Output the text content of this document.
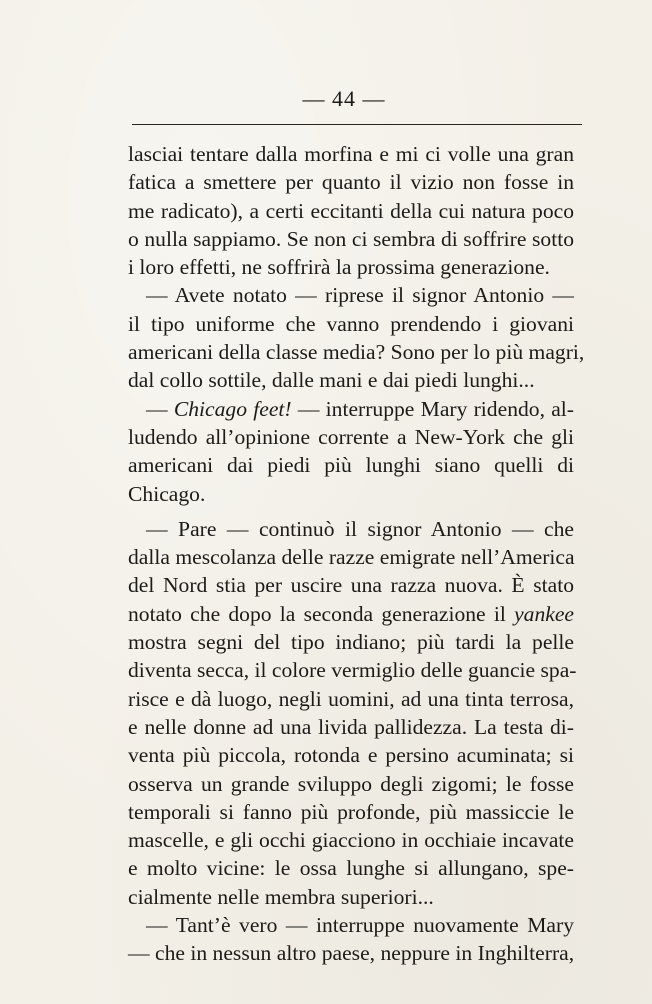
— 44 —
lasciai tentare dalla morfina e mi ci volle una gran
fatica a smettere per quanto il vizio non fosse in
me radicato), a certi eccitanti della cui natura poco
o nulla sappiamo. Se non ci sembra di soffrire sotto
i loro effetti, ne soffrirà la prossima generazione.
— Avete notato — riprese il signor Antonio —
il tipo uniforme che vanno prendendo i giovani
americani della classe media? Sono per lo più magri,
dal collo sottile, dalle mani e dai piedi lunghi...
— Chicago feet! — interruppe Mary ridendo, al-
ludendo all’opinione corrente a New-York che gli
americani dai piedi più lunghi siano quelli di
Chicago.
— Pare — continuò il signor Antonio — che
dalla mescolanza delle razze emigrate nell’America
del Nord stia per uscire una razza nuova. È stato
notato che dopo la seconda generazione il yankee
mostra segni del tipo indiano; più tardi la pelle
diventa secca, il colore vermiglio delle guancie spa-
risce e dà luogo, negli uomini, ad una tinta terrosa,
e nelle donne ad una livida pallidezza. La testa di-
venta più piccola, rotonda e persino acuminata; si
osserva un grande sviluppo degli zigomi; le fosse
temporali si fanno più profonde, più massiccie le
mascelle, e gli occhi giacciono in occhiaie incavate
e molto vicine: le ossa lunghe si allungano, spe-
cialmente nelle membra superiori...
— Tant’è vero — interruppe nuovamente Mary
— che in nessun altro paese, neppure in Inghilterra,
